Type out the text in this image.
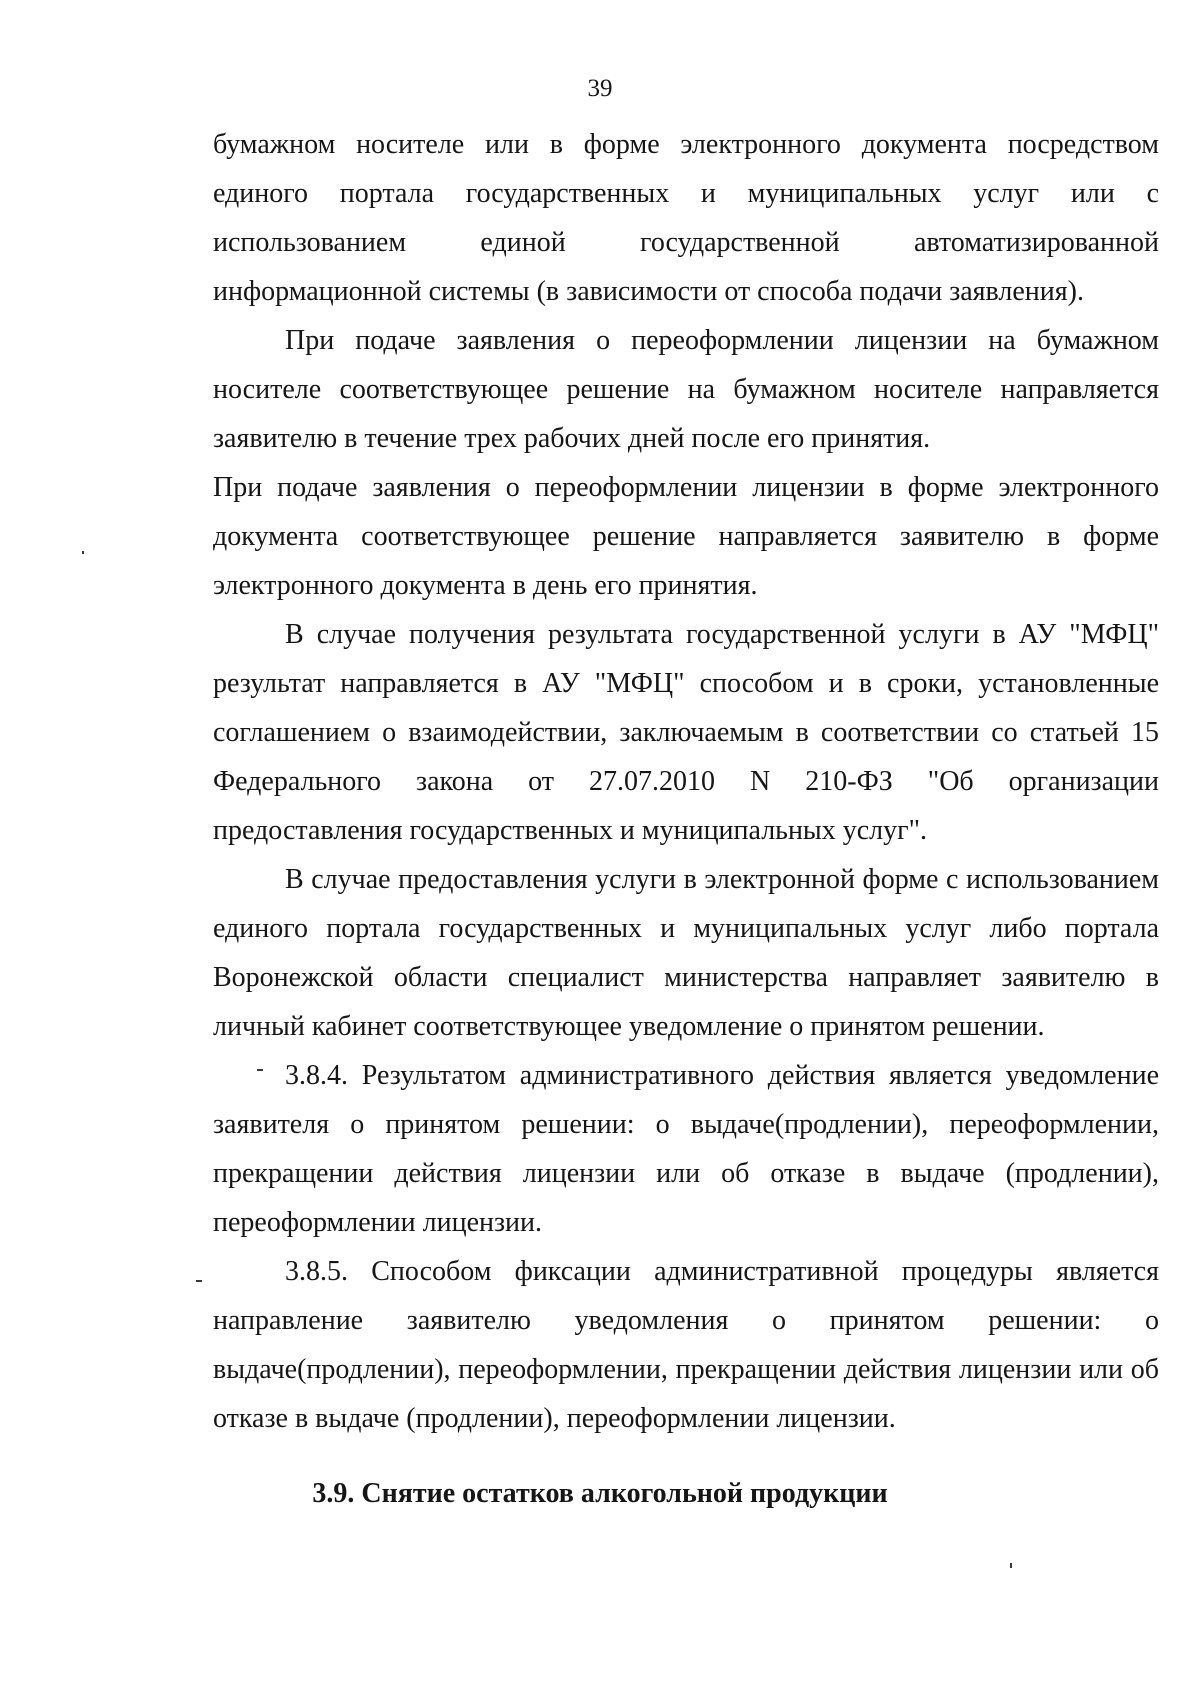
39

бумажном носителе или в форме электронного документа посредством единого портала государственных и муниципальных услуг или с использованием единой государственной автоматизированной информационной системы (в зависимости от способа подачи заявления).

При подаче заявления о переоформлении лицензии на бумажном носителе соответствующее решение на бумажном носителе направляется заявителю в течение трех рабочих дней после его принятия.

При подаче заявления о переоформлении лицензии в форме электронного документа соответствующее решение направляется заявителю в форме электронного документа в день его принятия.

В случае получения результата государственной услуги в АУ "МФЦ" результат направляется в АУ "МФЦ" способом и в сроки, установленные соглашением о взаимодействии, заключаемым в соответствии со статьей 15 Федерального закона от 27.07.2010 N 210-ФЗ "Об организации предоставления государственных и муниципальных услуг".

В случае предоставления услуги в электронной форме с использованием единого портала государственных и муниципальных услуг либо портала Воронежской области специалист министерства направляет заявителю в личный кабинет соответствующее уведомление о принятом решении.

3.8.4. Результатом административного действия является уведомление заявителя о принятом решении: о выдаче(продлении), переоформлении, прекращении действия лицензии или об отказе в выдаче (продлении), переоформлении лицензии.

3.8.5. Способом фиксации административной процедуры является направление заявителю уведомления о принятом решении: о выдаче(продлении), переоформлении, прекращении действия лицензии или об отказе в выдаче (продлении), переоформлении лицензии.

3.9. Снятие остатков алкогольной продукции
